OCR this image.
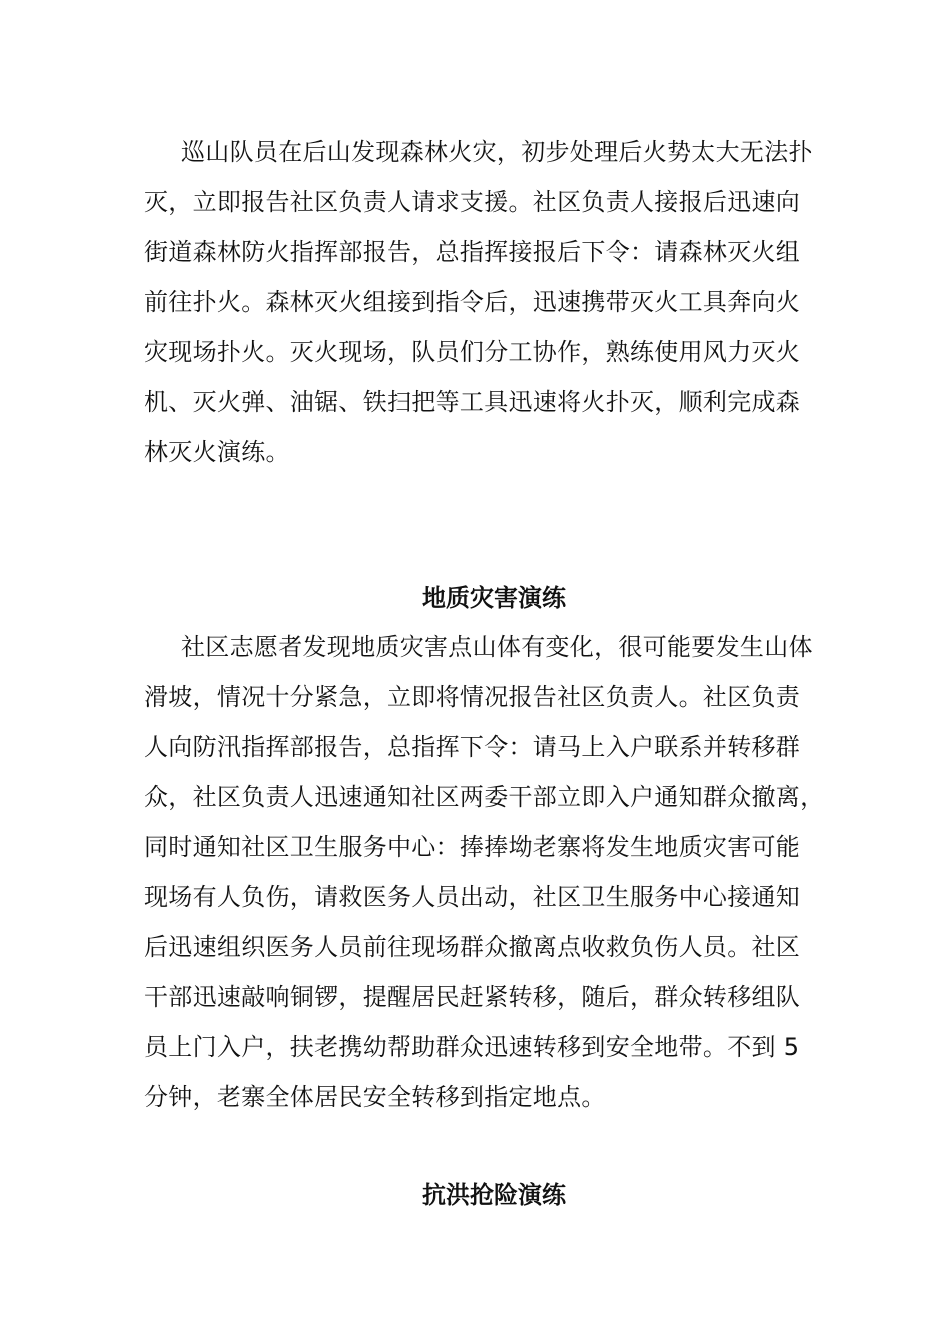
巡山队员在后山发现森林火灾，初步处理后火势太大无法扑
灭，立即报告社区负责人请求支援。社区负责人接报后迅速向
街道森林防火指挥部报告，总指挥接报后下令：请森林灭火组
前往扑火。森林灭火组接到指令后，迅速携带灭火工具奔向火
灾现场扑火。灭火现场，队员们分工协作，熟练使用风力灭火
机、灭火弹、油锯、铁扫把等工具迅速将火扑灭，顺利完成森
林灭火演练。
地质灾害演练
社区志愿者发现地质灾害点山体有变化，很可能要发生山体
滑坡，情况十分紧急，立即将情况报告社区负责人。社区负责
人向防汛指挥部报告，总指挥下令：请马上入户联系并转移群
众，社区负责人迅速通知社区两委干部立即入户通知群众撤离，
同时通知社区卫生服务中心：捧捧坳老寨将发生地质灾害可能
现场有人负伤，请救医务人员出动，社区卫生服务中心接通知
后迅速组织医务人员前往现场群众撤离点收救负伤人员。社区
干部迅速敲响铜锣，提醒居民赶紧转移，随后，群众转移组队
员上门入户，扶老携幼帮助群众迅速转移到安全地带。不到 5
分钟，老寨全体居民安全转移到指定地点。
抗洪抢险演练
